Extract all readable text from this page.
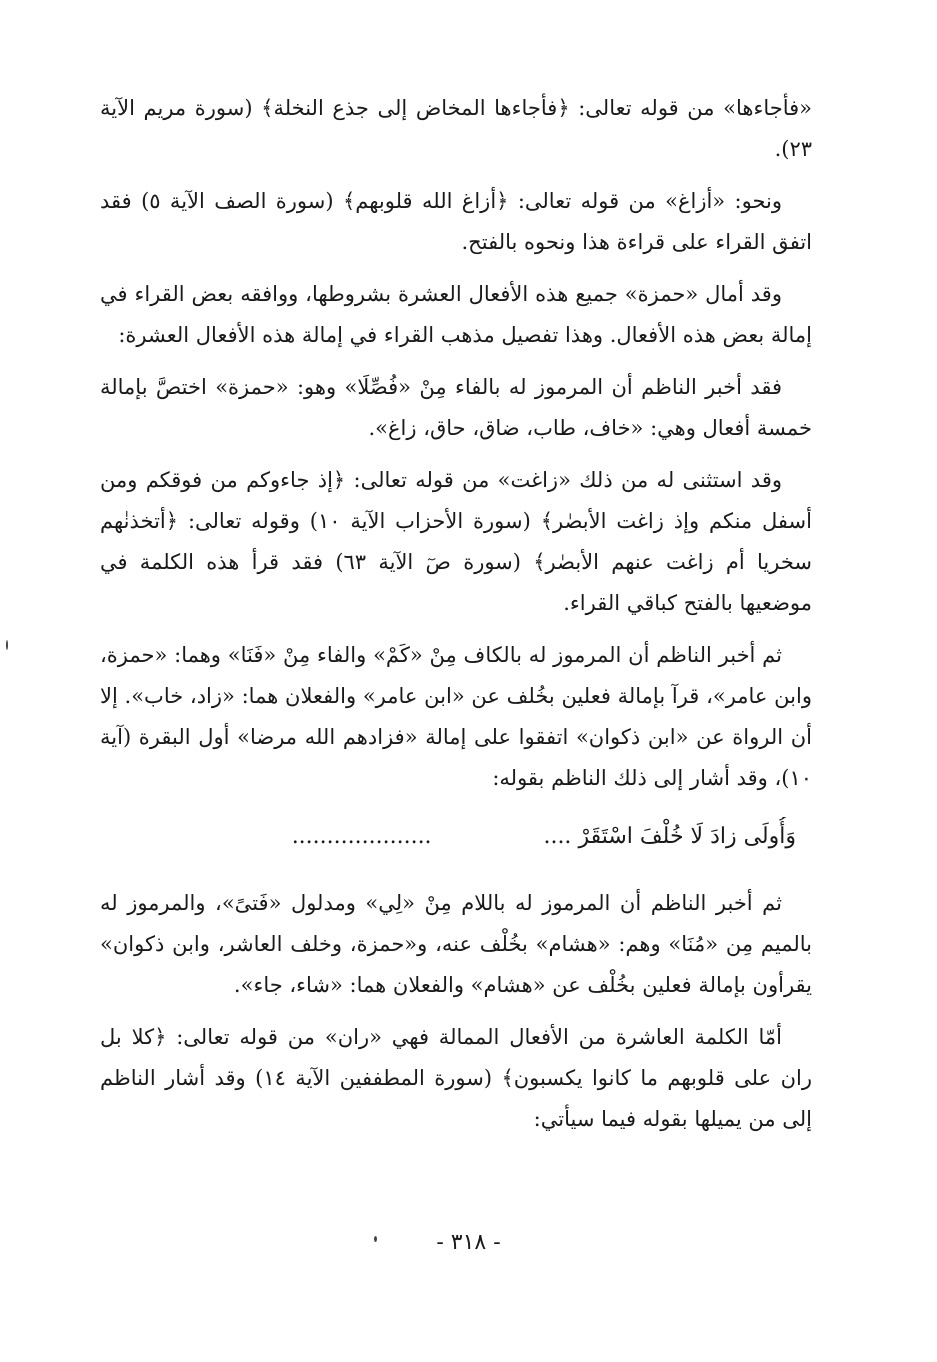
«فأجاءها» من قوله تعالى: ﴿فأجاءها المخاض إلى جذع النخلة﴾ (سورة مريم الآية ٢٣).

ونحو: «أزاغ» من قوله تعالى: ﴿أزاغ الله قلوبهم﴾ (سورة الصف الآية ٥) فقد اتفق القراء على قراءة هذا ونحوه بالفتح.

وقد أمال «حمزة» جميع هذه الأفعال العشرة بشروطها، ووافقه بعض القراء في إمالة بعض هذه الأفعال. وهذا تفصيل مذهب القراء في إمالة هذه الأفعال العشرة:

فقد أخبر الناظم أن المرموز له بالفاء مِنْ «فُصِّلَا» وهو: «حمزة» اختصَّ بإمالة خمسة أفعال وهي: «خاف، طاب، ضاق، حاق، زاغ».

وقد استثنى له من ذلك «زاغت» من قوله تعالى: ﴿إذ جاءوكم من فوقكم ومن أسفل منكم وإذ زاغت الأبصٰر﴾ (سورة الأحزاب الآية ١٠) وقوله تعالى: ﴿أتخذنٰهم سخريا أم زاغت عنهم الأبصٰر﴾ (سورة صٓ الآية ٦٣) فقد قرأ هذه الكلمة في موضعيها بالفتح كباقي القراء.

ثم أخبر الناظم أن المرموز له بالكاف مِنْ «كَمْ» والفاء مِنْ «فَنَا» وهما: «حمزة، وابن عامر»، قرآ بإمالة فعلين بخُلف عن «ابن عامر» والفعلان هما: «زاد، خاب». إلا أن الرواة عن «ابن ذكوان» اتفقوا على إمالة «فزادهم الله مرضا» أول البقرة (آية ١٠)، وقد أشار إلى ذلك الناظم بقوله:

وَأُولَى زادَ لَا خُلْفَ اسْتَقَرْ ....                ....................

ثم أخبر الناظم أن المرموز له باللام مِنْ «لِي» ومدلول «فَتىً»، والمرموز له بالميم مِن «مُنَا» وهم: «هشام» بخُلْف عنه، و«حمزة، وخلف العاشر، وابن ذكوان» يقرأون بإمالة فعلين بخُلْف عن «هشام» والفعلان هما: «شاء، جاء».

أمّا الكلمة العاشرة من الأفعال الممالة فهي «ران» من قوله تعالى: ﴿كلا بل ران على قلوبهم ما كانوا يكسبون﴾ (سورة المطففين الآية ١٤) وقد أشار الناظم إلى من يميلها بقوله فيما سيأتي:

- ٣١٨ -
